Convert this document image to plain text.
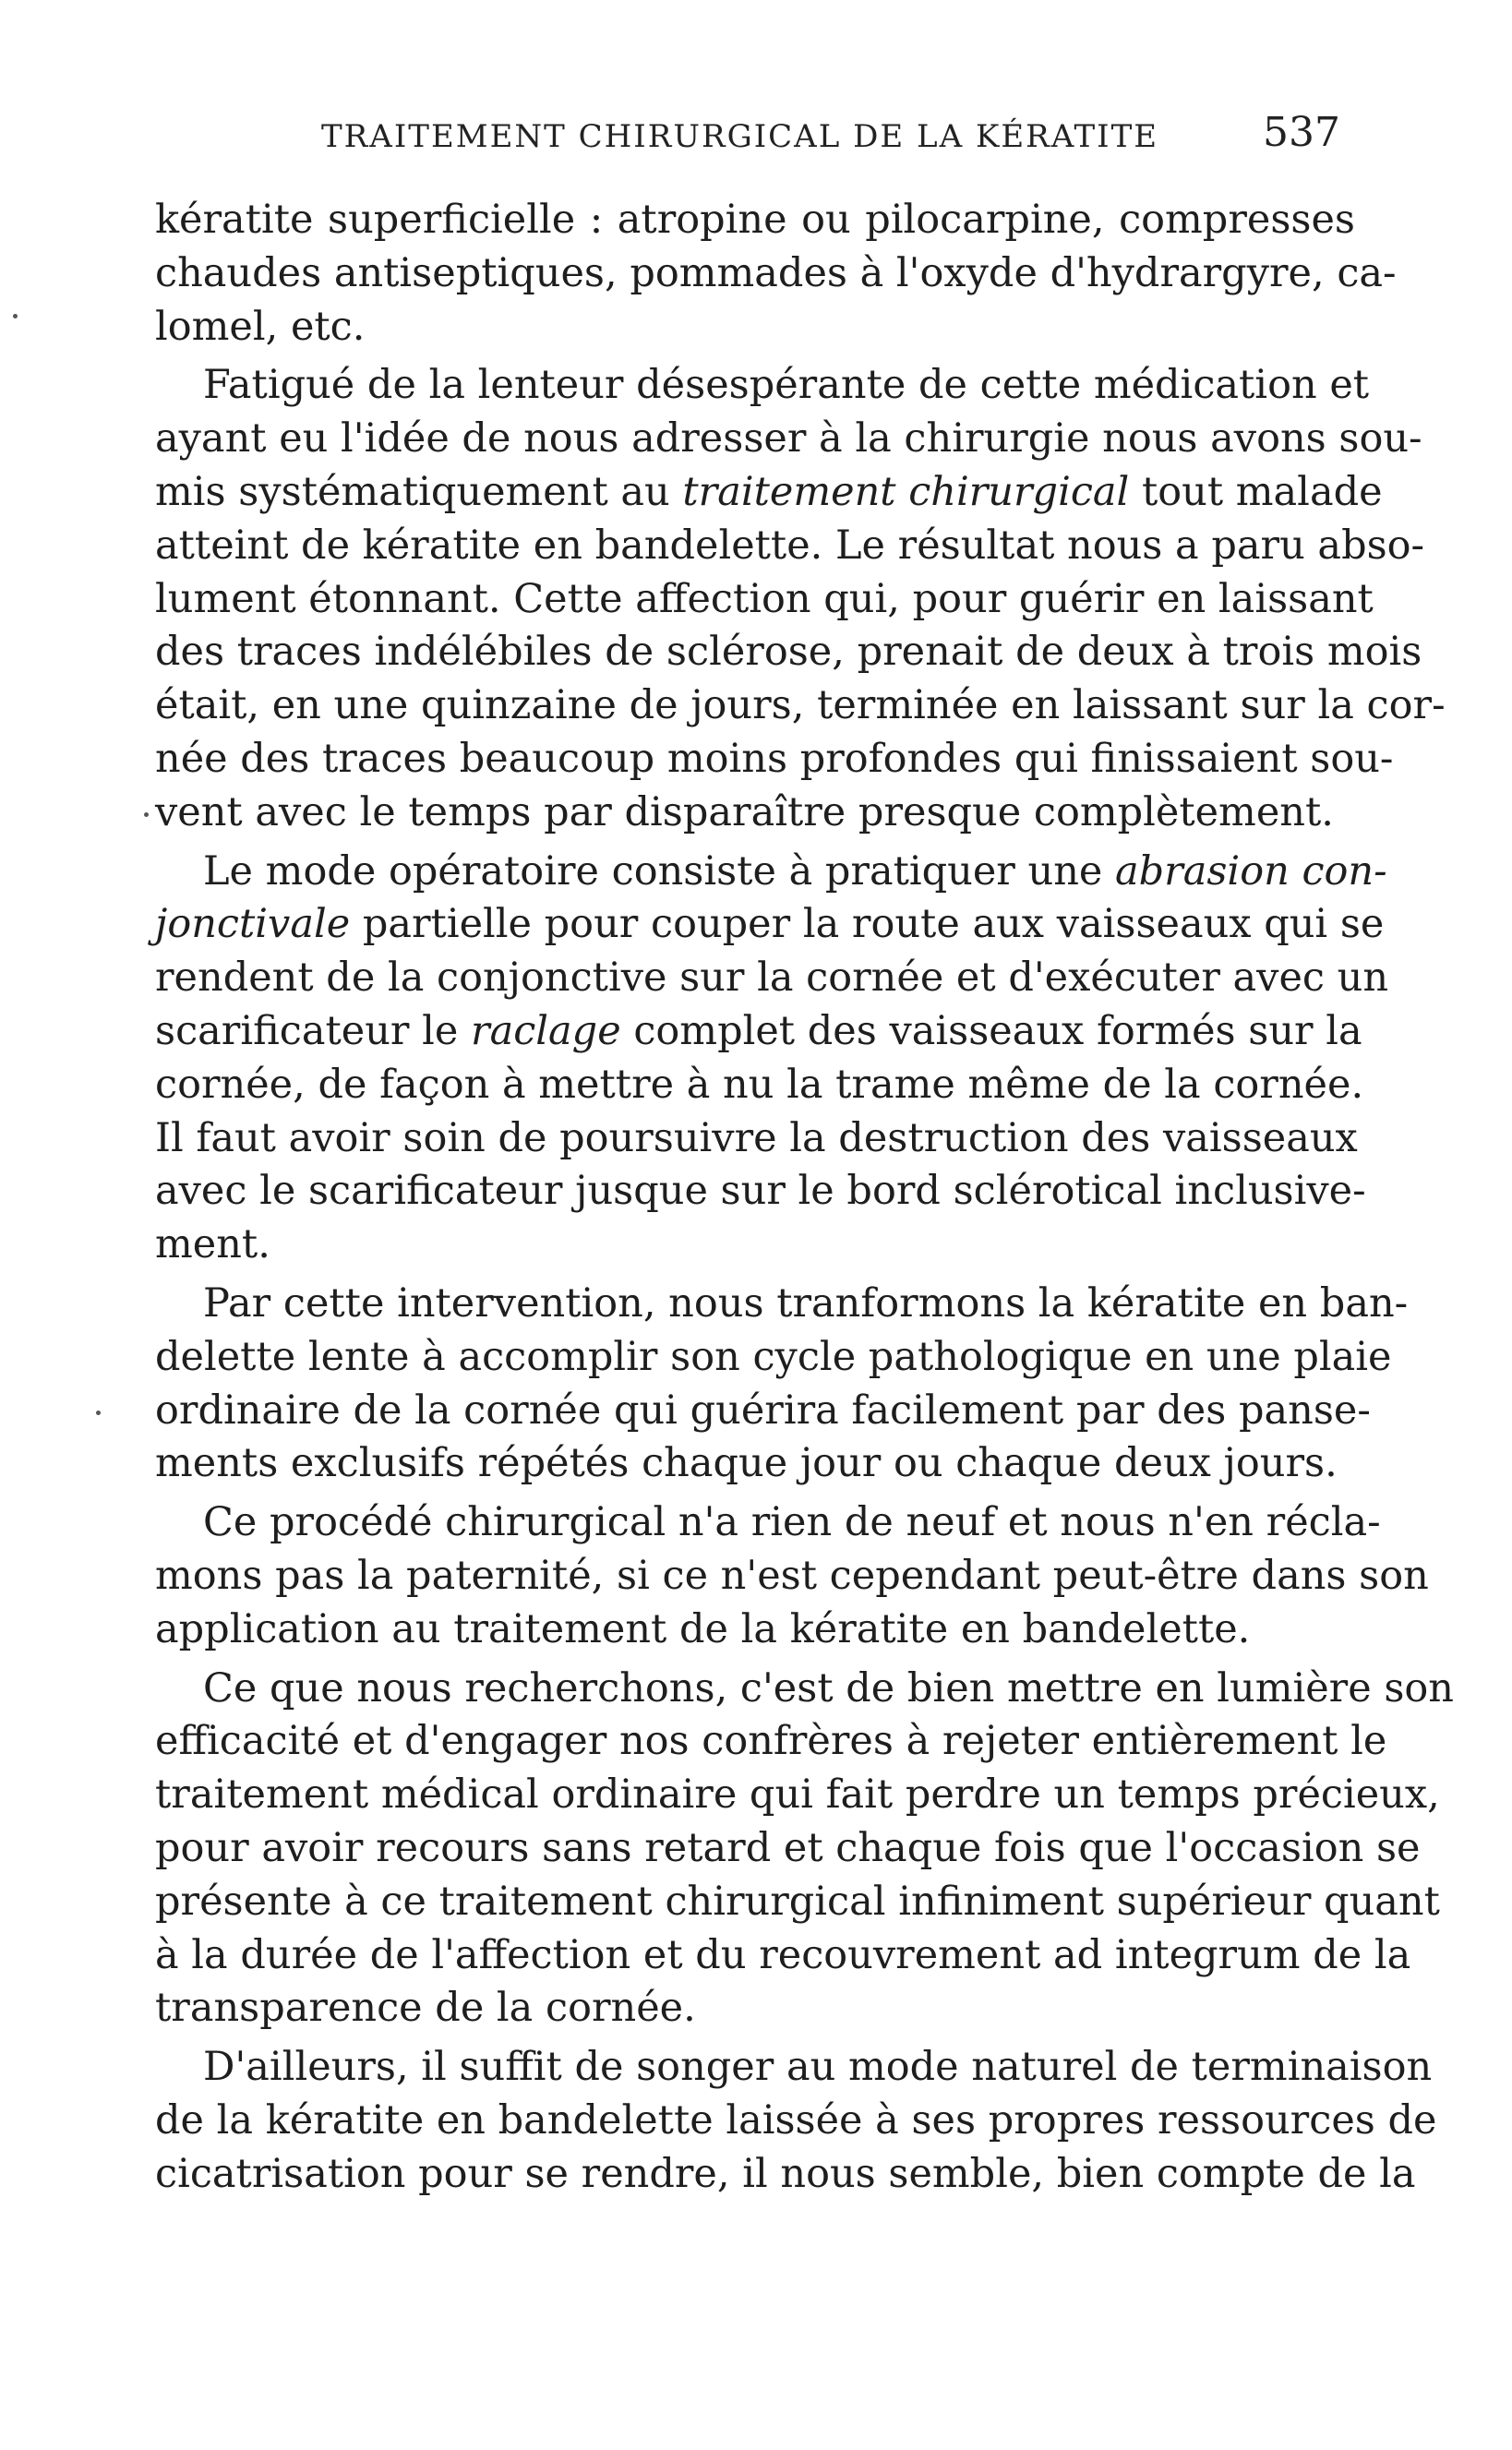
TRAITEMENT CHIRURGICAL DE LA KÉRATITE	537
kératite superficielle : atropine ou pilocarpine, compresses
chaudes antiseptiques, pommades à l'oxyde d'hydrargyre, ca-
lomel, etc.
Fatigué de la lenteur désespérante de cette médication et
ayant eu l'idée de nous adresser à la chirurgie nous avons sou-
mis systématiquement au traitement chirurgical tout malade
atteint de kératite en bandelette. Le résultat nous a paru abso-
lument étonnant. Cette affection qui, pour guérir en laissant
des traces indélébiles de sclérose, prenait de deux à trois mois
était, en une quinzaine de jours, terminée en laissant sur la cor-
née des traces beaucoup moins profondes qui finissaient sou-
vent avec le temps par disparaître presque complètement.
Le mode opératoire consiste à pratiquer une abrasion con-
jonctivale partielle pour couper la route aux vaisseaux qui se
rendent de la conjonctive sur la cornée et d'exécuter avec un
scarificateur le raclage complet des vaisseaux formés sur la
cornée, de façon à mettre à nu la trame même de la cornée.
Il faut avoir soin de poursuivre la destruction des vaisseaux
avec le scarificateur jusque sur le bord sclérotical inclusive-
ment.
Par cette intervention, nous tranformons la kératite en ban-
delette lente à accomplir son cycle pathologique en une plaie
ordinaire de la cornée qui guérira facilement par des panse-
ments exclusifs répétés chaque jour ou chaque deux jours.
Ce procédé chirurgical n'a rien de neuf et nous n'en récla-
mons pas la paternité, si ce n'est cependant peut-être dans son
application au traitement de la kératite en bandelette.
Ce que nous recherchons, c'est de bien mettre en lumière son
efficacité et d'engager nos confrères à rejeter entièrement le
traitement médical ordinaire qui fait perdre un temps précieux,
pour avoir recours sans retard et chaque fois que l'occasion se
présente à ce traitement chirurgical infiniment supérieur quant
à la durée de l'affection et du recouvrement ad integrum de la
transparence de la cornée.
D'ailleurs, il suffit de songer au mode naturel de terminaison
de la kératite en bandelette laissée à ses propres ressources de
cicatrisation pour se rendre, il nous semble, bien compte de la
